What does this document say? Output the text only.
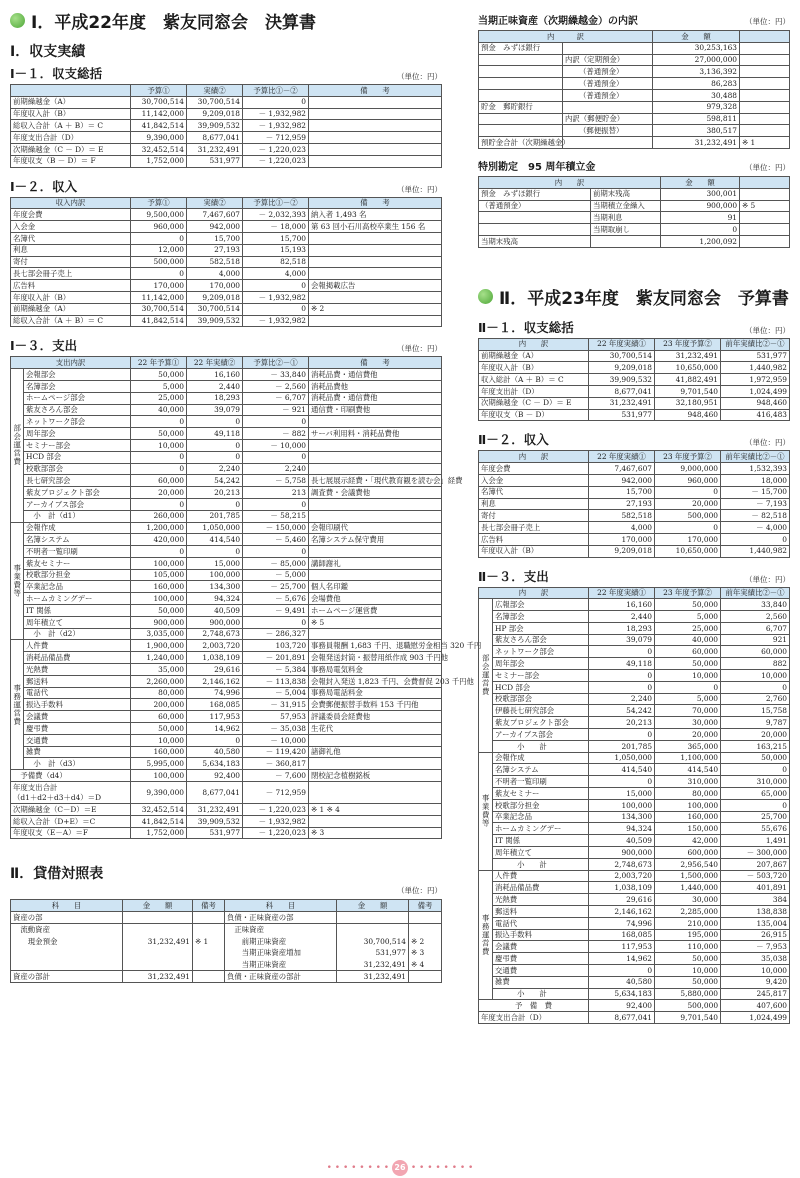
Ⅰ．平成22年度　紫友同窓会　決算書
Ⅰ．収支実績
Ⅰ－１．収支総括	（単位：円）
	予算①	実績②	予算比①－②	備　　考
前期繰越金（A）	30,700,514	30,700,514	0	
年度収入計（B）	11,142,000	9,209,018	－ 1,932,982	
総収入合計（A ＋ B）＝ C	41,842,514	39,909,532	－ 1,932,982	
年度支出合計（D）	9,390,000	8,677,041	－ 712,959	
次期繰越金（C － D）＝ E	32,452,514	31,232,491	－ 1,220,023	
年度収支（B － D）＝ F	1,752,000	531,977	－ 1,220,023	
Ⅰ－２．収入	（単位：円）
収入内訳	予算①	実績②	予算比①－②	備　　考
年度会費	9,500,000	7,467,607	－ 2,032,393	納入者 1,493 名
入会金	960,000	942,000	－ 18,000	第 63 回小石川高校卒業生 156 名
名簿代	0	15,700	15,700	
利息	12,000	27,193	15,193	
寄付	500,000	582,518	82,518	
長七部会冊子売上	0	4,000	4,000	
広告料	170,000	170,000	0	会報掲載広告
年度収入計（B）	11,142,000	9,209,018	－ 1,932,982	
前期繰越金（A）	30,700,514	30,700,514	0	※ 2
総収入合計（A ＋ B）＝ C	41,842,514	39,909,532	－ 1,932,982	
Ⅰ－３．支出	（単位：円）
支出内訳		22 年予算①	22 年実績②	予算比②－①	備　　考
部会運営費	会報部会	50,000	16,160	－ 33,840	消耗品費・通信費他
	名簿部会	5,000	2,440	－ 2,560	消耗品費他
	ホームページ部会	25,000	18,293	－ 6,707	消耗品費・通信費他
	紫友さろん部会	40,000	39,079	－ 921	通信費・印刷費他
	ネットワーク部会	0	0	0	
	周年部会	50,000	49,118	－ 882	サーバ利用料・消耗品費他
	セミナー部会	10,000	0	－ 10,000	
	HCD 部会	0	0	0	
	校歌部部会	0	2,240	2,240	
	長七研究部会	60,000	54,242	－ 5,758	長七展展示経費・「現代教育観を読む会」経費
	紫友プロジェクト部会	20,000	20,213	213	調査費・会議費他
	アーカイブス部会	0	0	0	
	　小　計（d1）	260,000	201,785	－ 58,215	
事業費等	会報作成	1,200,000	1,050,000	－ 150,000	会報印刷代
	名簿システム	420,000	414,540	－ 5,460	名簿システム保守費用
	不明者一覧印刷	0	0	0	
	紫友セミナー	100,000	15,000	－ 85,000	講師謝礼
	校歌部分担金	105,000	100,000	－ 5,000	
	卒業記念品	160,000	134,300	－ 25,700	個人名印鑑
	ホームカミングデー	100,000	94,324	－ 5,676	会場費他
	IT 関係	50,000	40,509	－ 9,491	ホームページ運営費
	周年積立て	900,000	900,000	0	※ 5
	　小　計（d2）	3,035,000	2,748,673	－ 286,327	
事務運営費	人件費	1,900,000	2,003,720	103,720	事務員報酬 1,683 千円、退職慰労金相当 320 千円
	消耗品備品費	1,240,000	1,038,109	－ 201,891	会報発送封筒・振替用紙作成 903 千円他
	光熱費	35,000	29,616	－ 5,384	事務局電気料金
	郵送料	2,260,000	2,146,162	－ 113,838	会報封入発送 1,823 千円、会費督促 203 千円他
	電話代	80,000	74,996	－ 5,004	事務局電話料金
	振込手数料	200,000	168,085	－ 31,915	会費郵便振替手数料 153 千円他
	会議費	60,000	117,953	57,953	評議委員会経費他
	慶弔費	50,000	14,962	－ 35,038	生花代
	交通費	10,000	0	－ 10,000	
	雑費	160,000	40,580	－ 119,420	諸御礼他
	　小　計（d3）	5,995,000	5,634,183	－ 360,817	
　予備費（d4）		100,000	92,400	－ 7,600	閉校記念植樹銘板

年度支出合計
（d1＋d2＋d3＋d4）＝D		9,390,000	8,677,041	－ 712,959	
次期繰越金（C－D）＝E		32,452,514	31,232,491	－ 1,220,023	※ 1 ※ 4
総収入合計（D+E）＝C		41,842,514	39,909,532	－ 1,932,982	
年度収支（E－A）＝F		1,752,000	531,977	－ 1,220,023	※ 3
Ⅱ．貸借対照表
（単位：円）
科　　目	金　　額	備考	科　　目	金　　額	備考
資産の部			負債・正味資産の部		
　流動資産			　正味資産		
　　現金預金	31,232,491	※ 1	　　前期正味資産	30,700,514	※ 2
			　　当期正味資産増加	531,977	※ 3
			　　当期正味資産	31,232,491	※ 4
資産の部計	31,232,491		負債・正味資産の部計	31,232,491	
当期正味資産（次期繰越金）の内訳	（単位：円）
内　　　訳		金　　額	
預金　みずほ銀行		30,253,163	
	内訳（定期預金）	27,000,000	
	（普通預金）	3,136,392	
	（普通預金）	86,283	
	（普通預金）	30,488	
貯金　郵貯銀行		979,328	
	内訳（郵便貯金）	598,811	
	（郵便振替）	380,517	
預貯金合計（次期繰越金）		31,232,491	※ 1
特別勘定　95 周年積立金	（単位：円）
内　　訳		金　　額	
預金　みずほ銀行	前期末残高	300,001	
（普通預金）	当期積立金繰入	900,000	※ 5
	当期利息	91	
	当期取崩し	0	
当期末残高		1,200,092	
Ⅱ．平成23年度　紫友同窓会　予算書
Ⅱ－１．収支総括	（単位：円）
内　　訳	22 年度実績①	23 年度予算②	前年実績比②－①
前期繰越金（A）	30,700,514	31,232,491	531,977
年度収入計（B）	9,209,018	10,650,000	1,440,982
収入総計（A ＋ B）＝ C	39,909,532	41,882,491	1,972,959
年度支出計（D）	8,677,041	9,701,540	1,024,499
次期繰越金（C － D）＝ E	31,232,491	32,180,951	948,460
年度収支（B － D）	531,977	948,460	416,483
Ⅱ－２．収入	（単位：円）
内　　訳	22 年度実績①	23 年度予算②	前年実績比②－①
年度会費	7,467,607	9,000,000	1,532,393
入会金	942,000	960,000	18,000
名簿代	15,700	0	－ 15,700
利息	27,193	20,000	－ 7,193
寄付	582,518	500,000	－ 82,518
長七部会冊子売上	4,000	0	－ 4,000
広告料	170,000	170,000	0
年度収入計（B）	9,209,018	10,650,000	1,440,982
Ⅱ－３．支出	（単位：円）
内　　訳		22 年度実績①	23 年度予算②	前年実績比②－①
部会運営費	広報部会	16,160	50,000	33,840
	名簿部会	2,440	5,000	2,560
	HP 部会	18,293	25,000	6,707
	紫友さろん部会	39,079	40,000	921
	ネットワーク部会	0	60,000	60,000
	周年部会	49,118	50,000	882
	セミナー部会	0	10,000	10,000
	HCD 部会	0	0	0
	校歌部部会	2,240	5,000	2,760
	伊藤長七研究部会	54,242	70,000	15,758
	紫友プロジェクト部会	20,213	30,000	9,787
	アーカイブス部会	0	20,000	20,000
	　　　小　　計	201,785	365,000	163,215
事業費等	会報作成	1,050,000	1,100,000	50,000
	名簿システム	414,540	414,540	0
	不明者一覧印刷	0	310,000	310,000
	紫友セミナー	15,000	80,000	65,000
	校歌部分担金	100,000	100,000	0
	卒業記念品	134,300	160,000	25,700
	ホームカミングデー	94,324	150,000	55,676
	IT 関係	40,509	42,000	1,491
	周年積立て	900,000	600,000	－ 300,000
	　　　小　　計	2,748,673	2,956,540	207,867
事務運営費	人件費	2,003,720	1,500,000	－ 503,720
	消耗品備品費	1,038,109	1,440,000	401,891
	光熱費	29,616	30,000	384
	郵送料	2,146,162	2,285,000	138,838
	電話代	74,996	210,000	135,004
	振込手数料	168,085	195,000	26,915
	会議費	117,953	110,000	－ 7,953
	慶弔費	14,962	50,000	35,038
	交通費	0	10,000	10,000
	雑費	40,580	50,000	9,420
	　　　小　　計	5,634,183	5,880,000	245,817
予　備　費		92,400	500,000	407,600
年度支出合計（D）		8,677,041	9,701,540	1,024,499
• • • • • • • • 26 • • • • • • • •
